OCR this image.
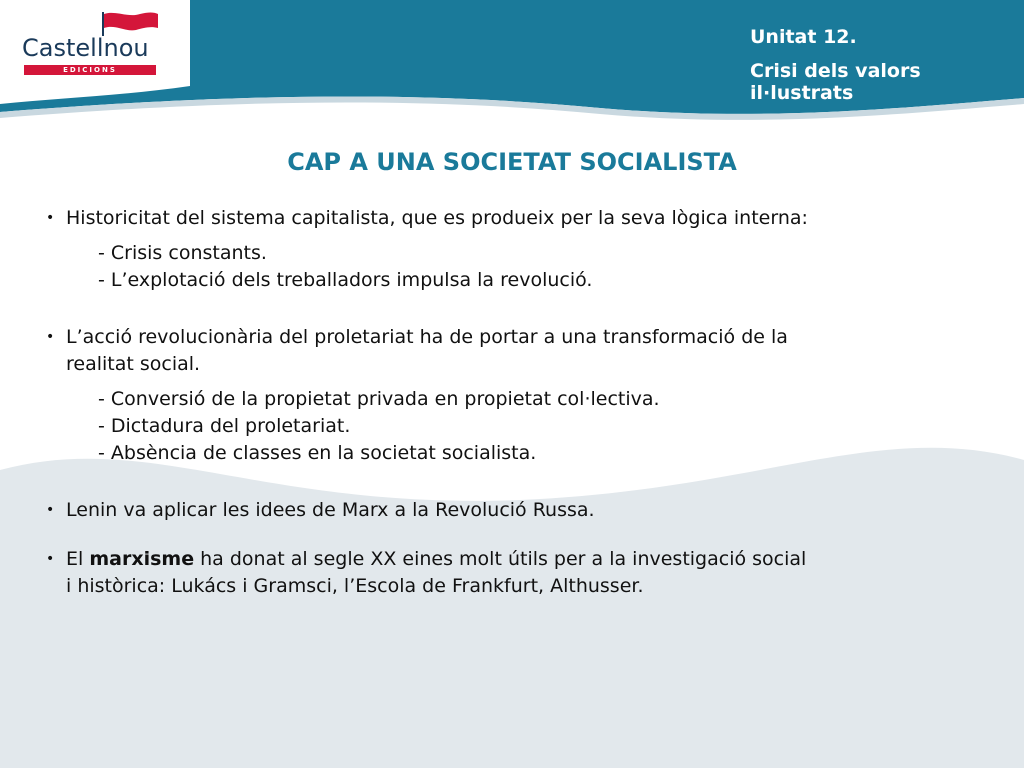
Castellnou
EDICIONS
Unitat 12.
Crisi dels valors
il·lustrats
CAP A UNA SOCIETAT SOCIALISTA
• Historicitat del sistema capitalista, que es produeix per la seva lògica interna:
- Crisis constants.
- L’explotació dels treballadors impulsa la revolució.
• L’acció revolucionària del proletariat ha de portar a una transformació de la
realitat social.
- Conversió de la propietat privada en propietat col·lectiva.
- Dictadura del proletariat.
- Absència de classes en la societat socialista.
• Lenin va aplicar les idees de Marx a la Revolució Russa.
• El marxisme ha donat al segle XX eines molt útils per a la investigació social
i històrica: Lukács i Gramsci, l’Escola de Frankfurt, Althusser.
